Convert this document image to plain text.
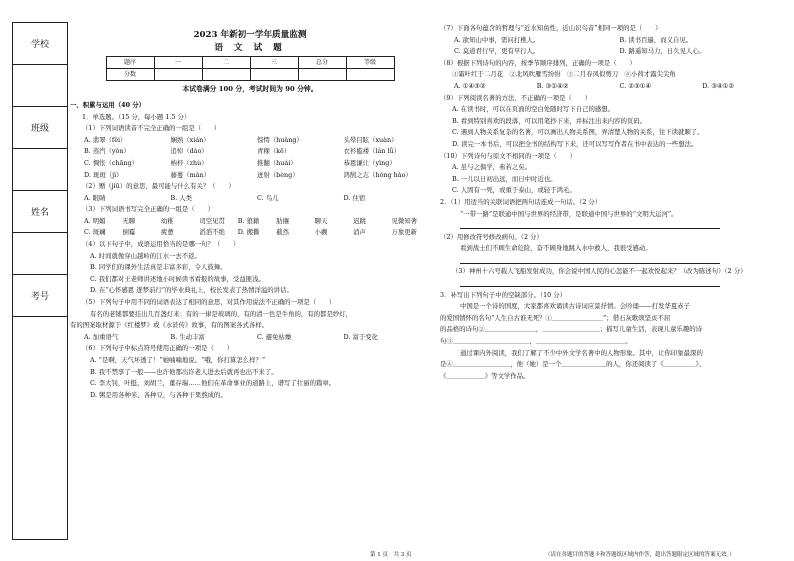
学校
班级
姓名
考号
2023 年新初一学年质量监测
语 文 试 题
题序	一	二	三	总分	等级
分数					
本试卷满分 100 分，考试时间为 90 分钟。
一、积累与运用（40 分）
1．单选题。（15 分，每小题 1.5 分）
（1）下列词语读音不完全正确的一组是（　　）
A. 翡翠（fěi）	娴熟（xián）	惊愕（huàng）	头晕目眩（xuàn）
B. 蒸汽（yǒn）	追悼（dào）	青稞（kē）	衣衫褴褛（lán lǚ）
C. 惆怅（chāng）	枘杼（zhù）	推翻（huái）	恭恩谦让（yìng）
D. 斑斑（jì）	藤蔓（màn）	迸射（bèng）	鸿鹄之志（hóng hào）
（2）赠（jiū）的意思，最可能与什么有关？（　　）
A. 眼睛	B. 人类	C. 鸟儿	D. 住宿
（3）下列词语书写完全正确的一组是（　　）
A. 明媚	无聊	幼稚	司空见贯	B. 狼籍	肋攘	聊天	迟跳	见微知著
C. 斑斓	倒霉	疲惫	滔滔不绝	D. 搬撕	截然	小觑	消声	万象更新
（4）以下句子中，成语运用恰当的是哪一句？（　　）
A. 时间就像穿山越岭的江水一去不返。
B. 同学们的课外生活真是丰富多彩，令人鼓舞。
C. 我们都对王老师讲述地小时候读书看报的故事，受益匪浅。
D. 在“心怀感恩 逐梦前行”的毕业典礼上，校长发表了热情洋溢的讲话。
（5）下列句子中用不同的词语表达了相同的意思，对其作用说法不正确的一项是（　　）
有名的老铺都要挂出几百盏灯来：有的一律是玻璃的，有的清一色是牛角的，有的都是纱灯，
有的图案取材源于《红楼梦》或《水浒传》故事，有的图案各式各样。
A. 加重语气	B. 生动丰富	C. 避免枯燥	D. 富于变化
（6）下列句子中标点符号使用正确的一项是（　　）
A. “是啊，天气坏透了！”她喃喃地说。“哦，你打算怎么样？”
B. 我不禁享了一般——也许他那出诈老人进去后就再也出不来了。
C. 李大钊，叶挺，刘胡兰，董存瑞……他们在革命事业的道路上，谱写了壮丽的篇章。
D. 粥是用各种米、各种豆，与各种干果熬成的。
（7）下面各句蕴含的哲理与“近水知鱼性，近山识鸟音”相同一项的是（　　）
A. 欲知山中事，需问打樵人。	B. 读书百遍，而义自见。
C. 莫道君行早，更有早行人。	D. 路遥知马力，日久见人心。
（8）根据下列诗句的内容，按季节顺序排列，正确的一项是（　　）
①霜叶红于二月花　②北风吹雁雪纷纷　③二月春风似剪刀　④小荷才露尖尖角
A. ①④③②	B. ③①④②	C. ②③①④	D. ③④①②
（9）下列阅读名著的方法，不正确的一项是（　　）
A. 在读书时，可以在页面的空白处随时写下自己的感想。
B. 看到特别喜欢的段落，可以用笔抄下来，并标注出来内容的页码。
C. 遇到人物关系复杂的名著，可以画出人物关系图，弄清楚人物的关系，往下读就顺了。
D. 读完一本书后，可以把全书的结构写下来，还可以写写作者在书中表达的一些想法。
（10）下列诗句与原文不相同的一项是（　　）
A. 虽与之俱学，弗若之矣。
B. 一儿以日初出远，而日中时近也。
C. 人固有一死，或重于泰山，或轻于鸿毛。
2．（1）用适当的关联词语把两句话连成一句话。（2 分）
“一带一路”是联通中国与世界的经济带，是联通中国与世界的“文明大运河”。
（2）用修改符号修改病句。（2 分）
看到战士们不顾生命危险，奋不顾身地跳入水中救人，我很受感动。
（3）神州十六号载人飞船发射成功，你会说中国人民的心怎能不一起欢悦起来？（改为陈述句）（2 分）
3．补写出下列句子中的空缺部分。（10 分）
中国是一个诗的国度，大家都喜欢诵读古诗词应景抒情。会吟诵——打发华夏赤子
的爱国情怀的名句“人生自古谁无死？①＿＿＿＿＿＿＿＿”；借石灰歌颂坚贞不屈
的品格的诗句②＿＿＿＿＿＿＿＿，＿＿＿＿＿＿＿＿＿；描写儿童生活，表现儿童乐趣的诗
句③＿＿＿＿＿＿＿＿＿＿＿＿，＿＿＿＿＿＿＿＿＿＿＿＿＿＿。
通过课内外阅读，我们了解了不少中外文学名著中的人物形象。其中，让你印象最深的
是④＿＿＿＿＿＿＿＿＿，他（她）是一个＿＿＿＿＿＿＿的人，你还阅读了《＿＿＿＿＿》、
《＿＿＿＿＿＿》等文学作品。
第 1 页　共 3 页	（请在各题目的答题卡和答题纸区域内作答，超出答题限定区域的答案无效。）
